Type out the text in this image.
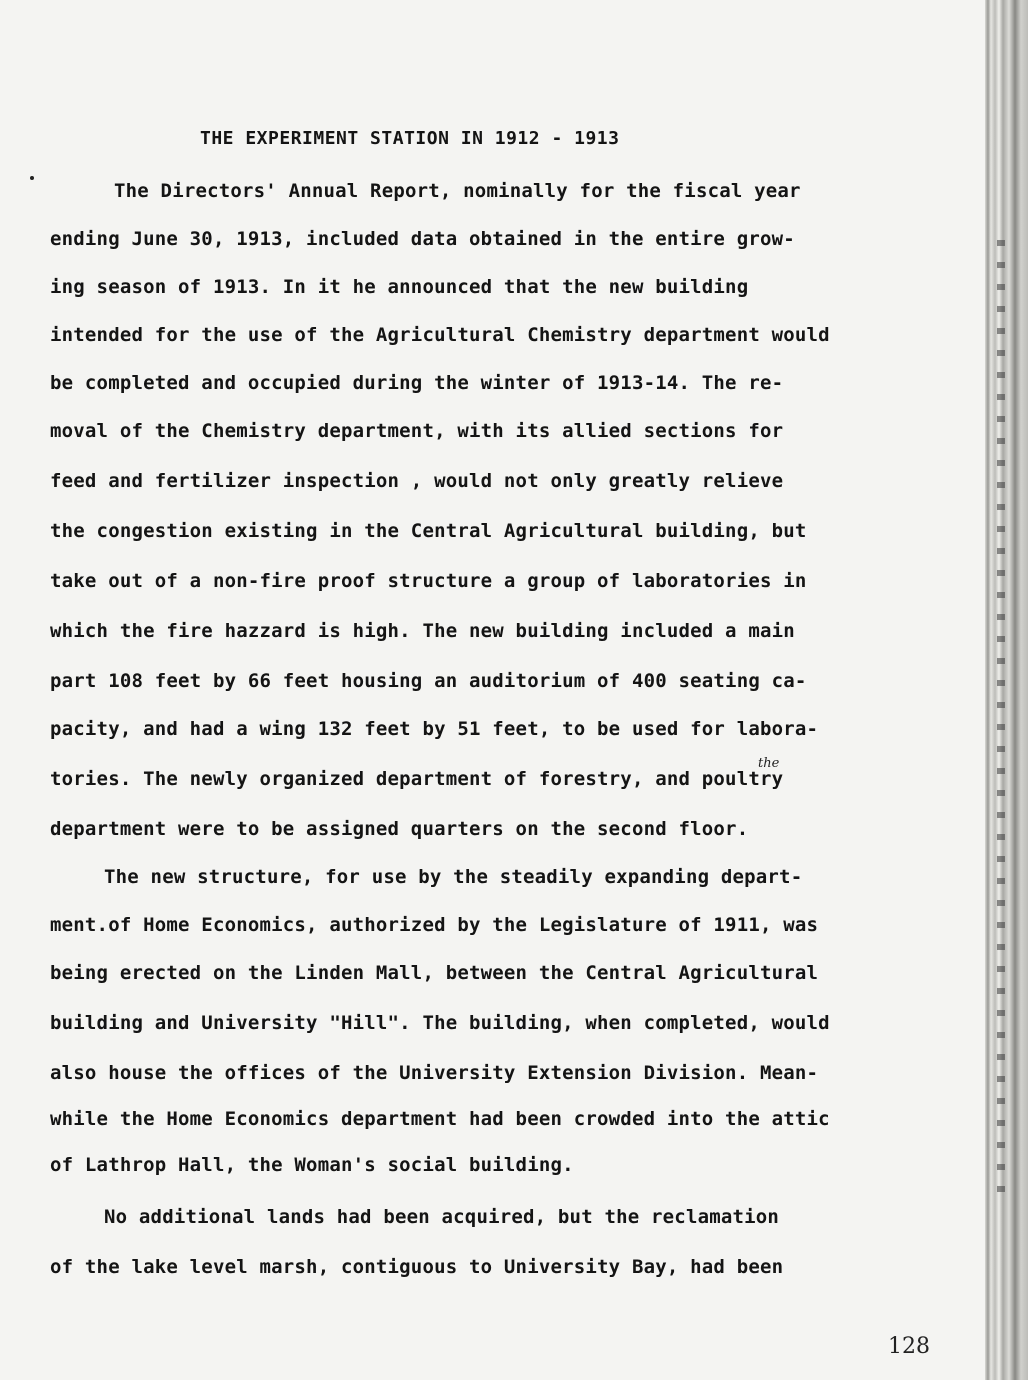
THE EXPERIMENT STATION IN 1912 - 1913
The Directors' Annual Report, nominally for the fiscal year
ending June 30, 1913, included data obtained in the entire grow-
ing season of 1913. In it he announced that the new building
intended for the use of the Agricultural Chemistry department would
be completed and occupied during the winter of 1913-14. The re-
moval of the Chemistry department, with its allied sections for
feed and fertilizer inspection , would not only greatly relieve
the congestion existing in the Central Agricultural building, but
take out of a non-fire proof structure a group of laboratories in
which the fire hazzard is high. The new building included a main
part 108 feet by 66 feet housing an auditorium of 400 seating ca-
pacity, and had a wing 132 feet by 51 feet, to be used for labora-
the
tories. The newly organized department of forestry, and poultry
department were to be assigned quarters on the second floor.
The new structure, for use by the steadily expanding depart-
ment.of Home Economics, authorized by the Legislature of 1911, was
being erected on the Linden Mall, between the Central Agricultural
building and University "Hill". The building, when completed, would
also house the offices of the University Extension Division. Mean-
while the Home Economics department had been crowded into the attic
of Lathrop Hall, the Woman's social building.
No additional lands had been acquired, but the reclamation
of the lake level marsh, contiguous to University Bay, had been
128
